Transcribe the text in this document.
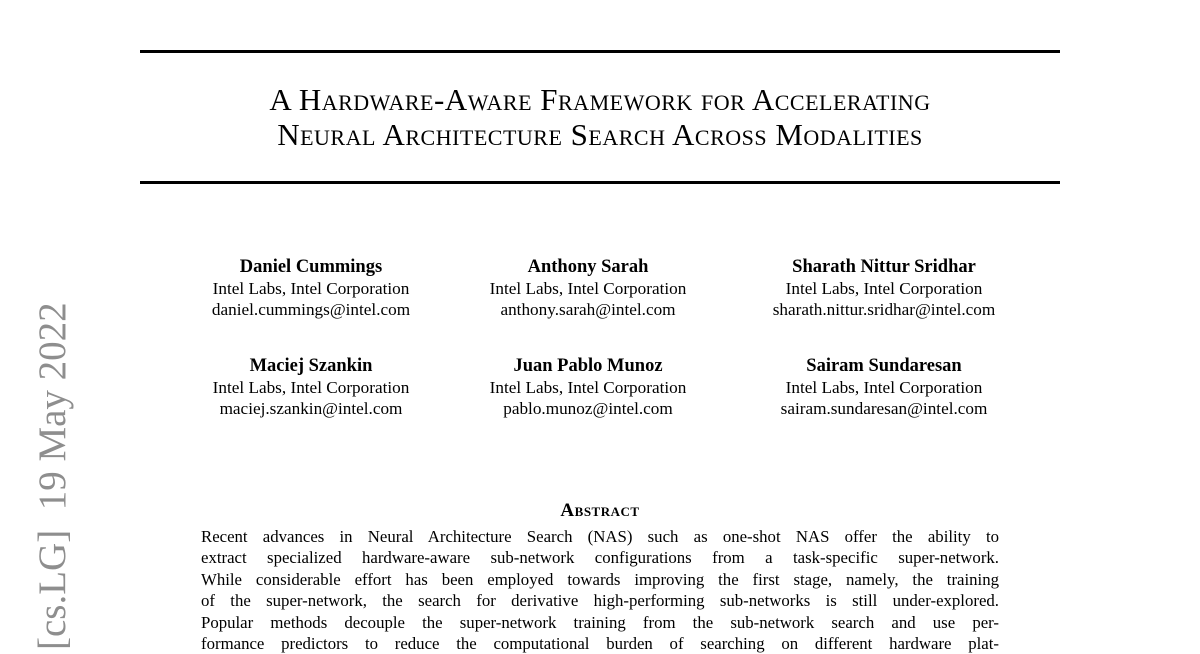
[cs.LG]  19 May 2022
A Hardware-Aware Framework for Accelerating
Neural Architecture Search Across Modalities
Daniel Cummings
Intel Labs, Intel Corporation
daniel.cummings@intel.com
Anthony Sarah
Intel Labs, Intel Corporation
anthony.sarah@intel.com
Sharath Nittur Sridhar
Intel Labs, Intel Corporation
sharath.nittur.sridhar@intel.com
Maciej Szankin
Intel Labs, Intel Corporation
maciej.szankin@intel.com
Juan Pablo Munoz
Intel Labs, Intel Corporation
pablo.munoz@intel.com
Sairam Sundaresan
Intel Labs, Intel Corporation
sairam.sundaresan@intel.com
Abstract
Recent advances in Neural Architecture Search (NAS) such as one-shot NAS offer the ability to
extract specialized hardware-aware sub-network configurations from a task-specific super-network.
While considerable effort has been employed towards improving the first stage, namely, the training
of the super-network, the search for derivative high-performing sub-networks is still under-explored.
Popular methods decouple the super-network training from the sub-network search and use per-
formance predictors to reduce the computational burden of searching on different hardware plat-
